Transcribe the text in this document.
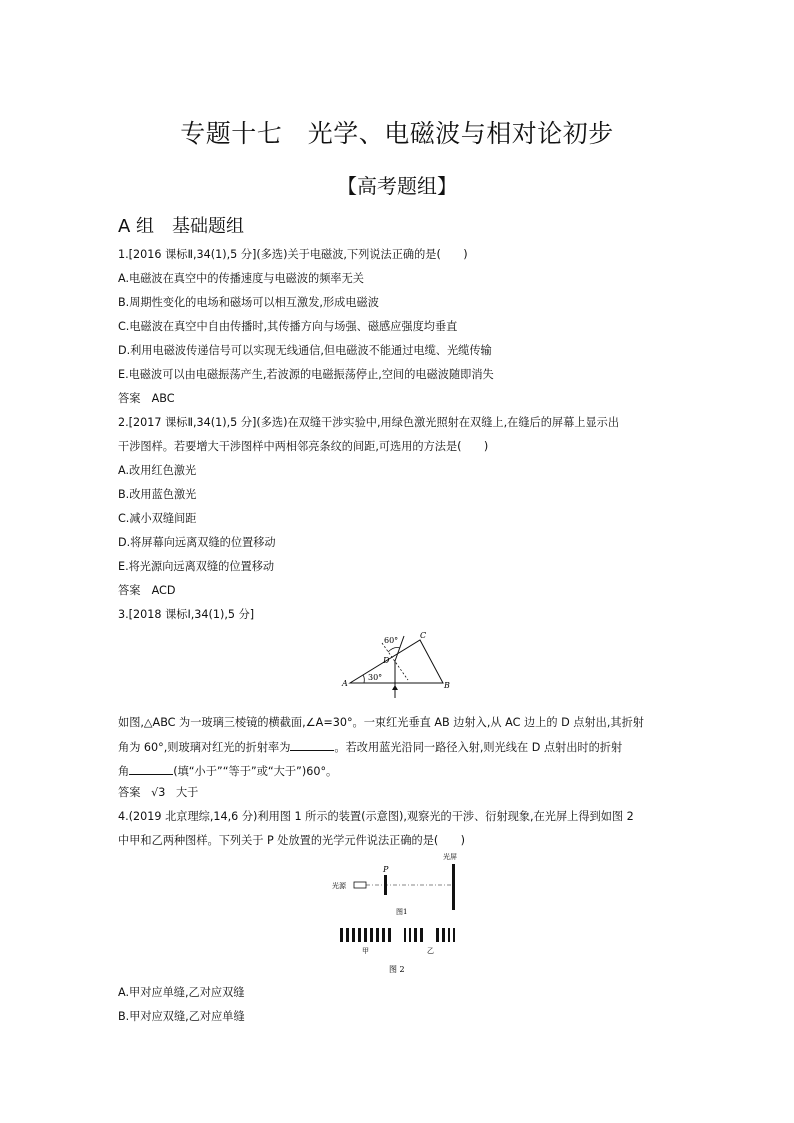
专题十七　光学、电磁波与相对论初步
【高考题组】
A 组　基础题组
1.[2016 课标Ⅱ,34(1),5 分](多选)关于电磁波,下列说法正确的是(　　)
A.电磁波在真空中的传播速度与电磁波的频率无关
B.周期性变化的电场和磁场可以相互激发,形成电磁波
C.电磁波在真空中自由传播时,其传播方向与场强、磁感应强度均垂直
D.利用电磁波传递信号可以实现无线通信,但电磁波不能通过电缆、光缆传输
E.电磁波可以由电磁振荡产生,若波源的电磁振荡停止,空间的电磁波随即消失
答案　ABC
2.[2017 课标Ⅱ,34(1),5 分](多选)在双缝干涉实验中,用绿色激光照射在双缝上,在缝后的屏幕上显示出
干涉图样。若要增大干涉图样中两相邻亮条纹的间距,可选用的方法是(　　)
A.改用红色激光
B.改用蓝色激光
C.减小双缝间距
D.将屏幕向远离双缝的位置移动
E.将光源向远离双缝的位置移动
答案　ACD
3.[2018 课标Ⅰ,34(1),5 分]
60°
30°
A	B
C
D
如图,△ABC 为一玻璃三棱镜的横截面,∠A=30°。一束红光垂直 AB 边射入,从 AC 边上的 D 点射出,其折射
角为 60°,则玻璃对红光的折射率为	。若改用蓝光沿同一路径入射,则光线在 D 点射出时的折射
角	(填“小于”“等于”或“大于”)60°。
答案 √3 大于
4.(2019 北京理综,14,6 分)利用图 1 所示的装置(示意图),观察光的干涉、衍射现象,在光屏上得到如图 2
中甲和乙两种图样。下列关于 P 处放置的光学元件说法正确的是(　　)
光源
P
光屏
图1
甲	乙
图 2
A.甲对应单缝,乙对应双缝
B.甲对应双缝,乙对应单缝
